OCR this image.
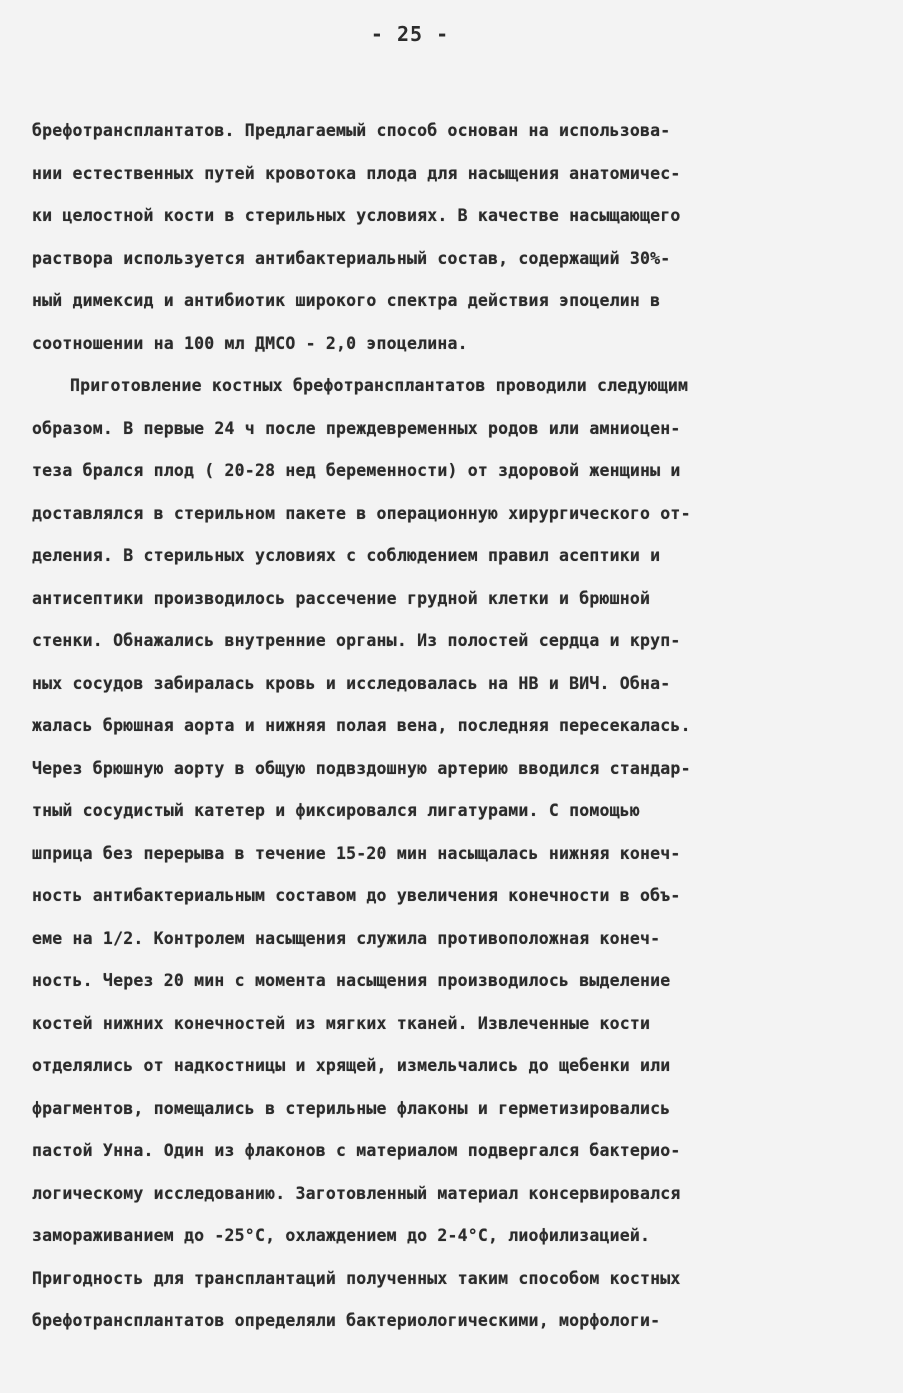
- 25 -
брефотрансплантатов. Предлагаемый способ основан на использова-
нии естественных путей кровотока плода для насыщения анатомичес-
ки целостной кости в стерильных условиях. В качестве насыщающего
раствора используется антибактериальный состав, содержащий 30%-
ный димексид и антибиотик широкого спектра действия эпоцелин в
соотношении на 100 мл ДМСО - 2,0 эпоцелина.
Приготовление костных брефотрансплантатов проводили следующим
образом. В первые 24 ч после преждевременных родов или амниоцен-
теза брался плод ( 20-28 нед беременности) от здоровой женщины и
доставлялся в стерильном пакете в операционную хирургического от-
деления. В стерильных условиях с соблюдением правил асептики и
антисептики производилось рассечение грудной клетки и брюшной
стенки. Обнажались внутренние органы. Из полостей сердца и круп-
ных сосудов забиралась кровь и исследовалась на HB и ВИЧ. Обна-
жалась брюшная аорта и нижняя полая вена, последняя пересекалась.
Через брюшную аорту в общую подвздошную артерию вводился стандар-
тный сосудистый катетер и фиксировался лигатурами. С помощью
шприца без перерыва в течение 15-20 мин насыщалась нижняя конеч-
ность антибактериальным составом до увеличения конечности в объ-
еме на 1/2. Контролем насыщения служила противоположная конеч-
ность. Через 20 мин с момента насыщения производилось выделение
костей нижних конечностей из мягких тканей. Извлеченные кости
отделялись от надкостницы и хрящей, измельчались до щебенки или
фрагментов, помещались в стерильные флаконы и герметизировались
пастой Унна. Один из флаконов с материалом подвергался бактерио-
логическому исследованию. Заготовленный материал консервировался
замораживанием до -25°С, охлаждением до 2-4°С, лиофилизацией.
Пригодность для трансплантаций полученных таким способом костных
брефотрансплантатов определяли бактериологическими, морфологи-
